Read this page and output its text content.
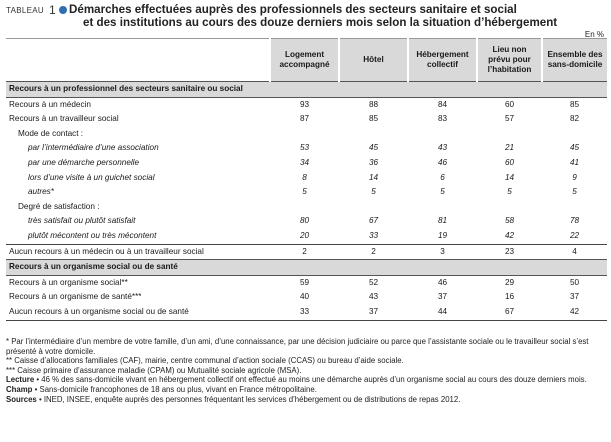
TABLEAU 1 Démarches effectuées auprès des professionnels des secteurs sanitaire et social
et des institutions au cours des douze derniers mois selon la situation d’hébergement
En %
	Logement accompagné	Hôtel	Hébergement collectif	Lieu non prévu pour l’habitation	Ensemble des sans-domicile
Recours à un professionnel des secteurs sanitaire ou social					
Recours à un médecin	93	88	84	60	85
Recours à un travailleur social	87	85	83	57	82
Mode de contact :					
par l’intermédiaire d’une association	53	45	43	21	45
par une démarche personnelle	34	36	46	60	41
lors d’une visite à un guichet social	8	14	6	14	9
autres*	5	5	5	5	5
Degré de satisfaction :					
très satisfait ou plutôt satisfait	80	67	81	58	78
plutôt mécontent ou très mécontent	20	33	19	42	22
Aucun recours à un médecin ou à un travailleur social	2	2	3	23	4
Recours à un organisme social ou de santé					
Recours à un organisme social**	59	52	46	29	50
Recours à un organisme de santé***	40	43	37	16	37
Aucun recours à un organisme social ou de santé	33	37	44	67	42

* Par l’intermédiaire d’un membre de votre famille, d’un ami, d’une connaissance, par une décision judiciaire ou parce que l’assistante sociale ou le travailleur social s’est présenté à votre domicile.

** Caisse d’allocations familiales (CAF), mairie, centre communal d’action sociale (CCAS) ou bureau d’aide sociale.

*** Caisse primaire d’assurance maladie (CPAM) ou Mutualité sociale agricole (MSA).

Lecture • 46 % des sans-domicile vivant en hébergement collectif ont effectué au moins une démarche auprès d’un organisme social au cours des douze derniers mois.

Champ • Sans-domicile francophones de 18 ans ou plus, vivant en France métropolitaine.

Sources • INED, INSEE, enquête auprès des personnes fréquentant les services d’hébergement ou de distributions de repas 2012.
